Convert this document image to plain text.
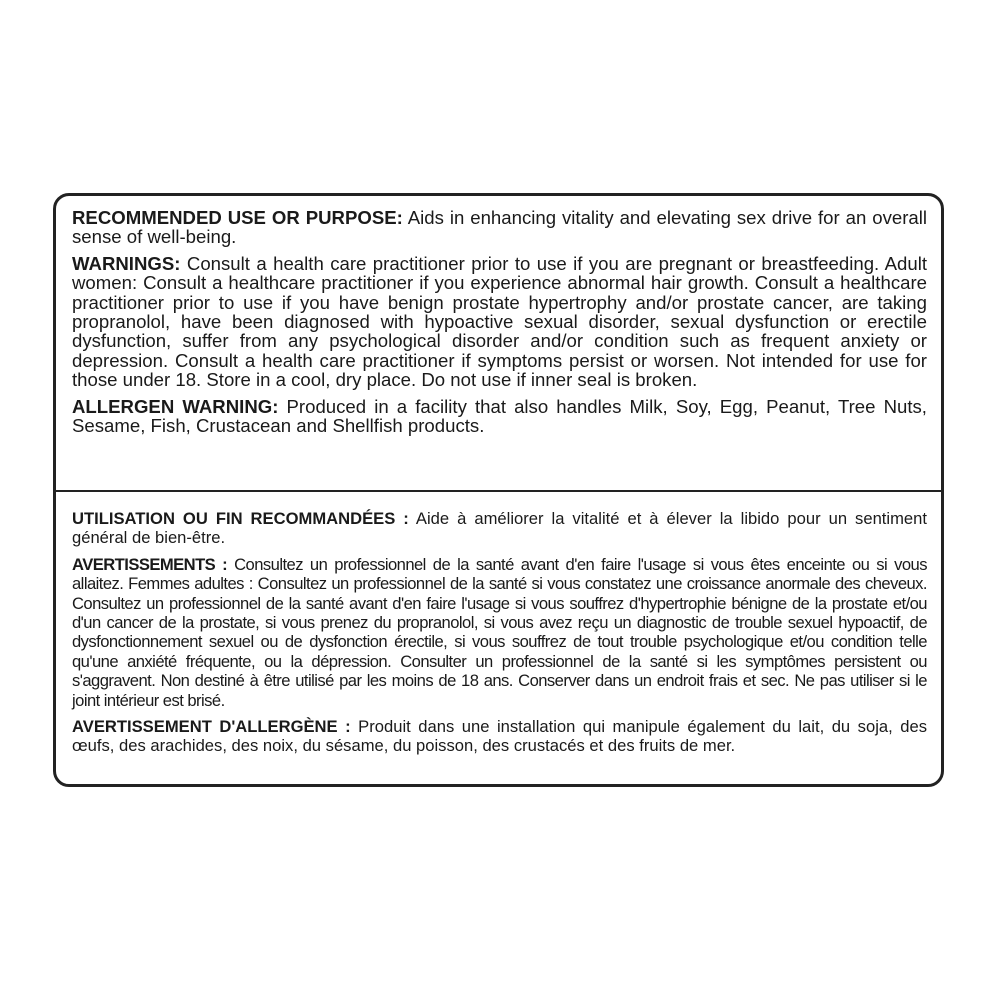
RECOMMENDED USE OR PURPOSE: Aids in enhancing vitality and elevating sex drive for an overall sense of well-being.

WARNINGS: Consult a health care practitioner prior to use if you are pregnant or breastfeeding. Adult women: Consult a healthcare practitioner if you experience abnormal hair growth. Consult a healthcare practitioner prior to use if you have benign prostate hypertrophy and/or prostate cancer, are taking propranolol, have been diagnosed with hypoactive sexual disorder, sexual dysfunction or erectile dysfunction, suffer from any psychological disorder and/or condition such as frequent anxiety or depression. Consult a health care practitioner if symptoms persist or worsen. Not intended for use for those under 18. Store in a cool, dry place. Do not use if inner seal is broken.

ALLERGEN WARNING: Produced in a facility that also handles Milk, Soy, Egg, Peanut, Tree Nuts, Sesame, Fish, Crustacean and Shellfish products.

UTILISATION OU FIN RECOMMANDÉES : Aide à améliorer la vitalité et à élever la libido pour un sentiment général de bien-être.

AVERTISSEMENTS : Consultez un professionnel de la santé avant d'en faire l'usage si vous êtes enceinte ou si vous allaitez. Femmes adultes : Consultez un professionnel de la santé si vous constatez une croissance anormale des cheveux. Consultez un professionnel de la santé avant d'en faire l'usage si vous souffrez d'hypertrophie bénigne de la prostate et/ou d'un cancer de la prostate, si vous prenez du propranolol, si vous avez reçu un diagnostic de trouble sexuel hypoactif, de dysfonctionnement sexuel ou de dysfonction érectile, si vous souffrez de tout trouble psychologique et/ou condition telle qu'une anxiété fréquente, ou la dépression. Consulter un professionnel de la santé si les symptômes persistent ou s'aggravent. Non destiné à être utilisé par les moins de 18 ans. Conserver dans un endroit frais et sec. Ne pas utiliser si le joint intérieur est brisé.

AVERTISSEMENT D'ALLERGÈNE : Produit dans une installation qui manipule également du lait, du soja, des œufs, des arachides, des noix, du sésame, du poisson, des crustacés et des fruits de mer.
